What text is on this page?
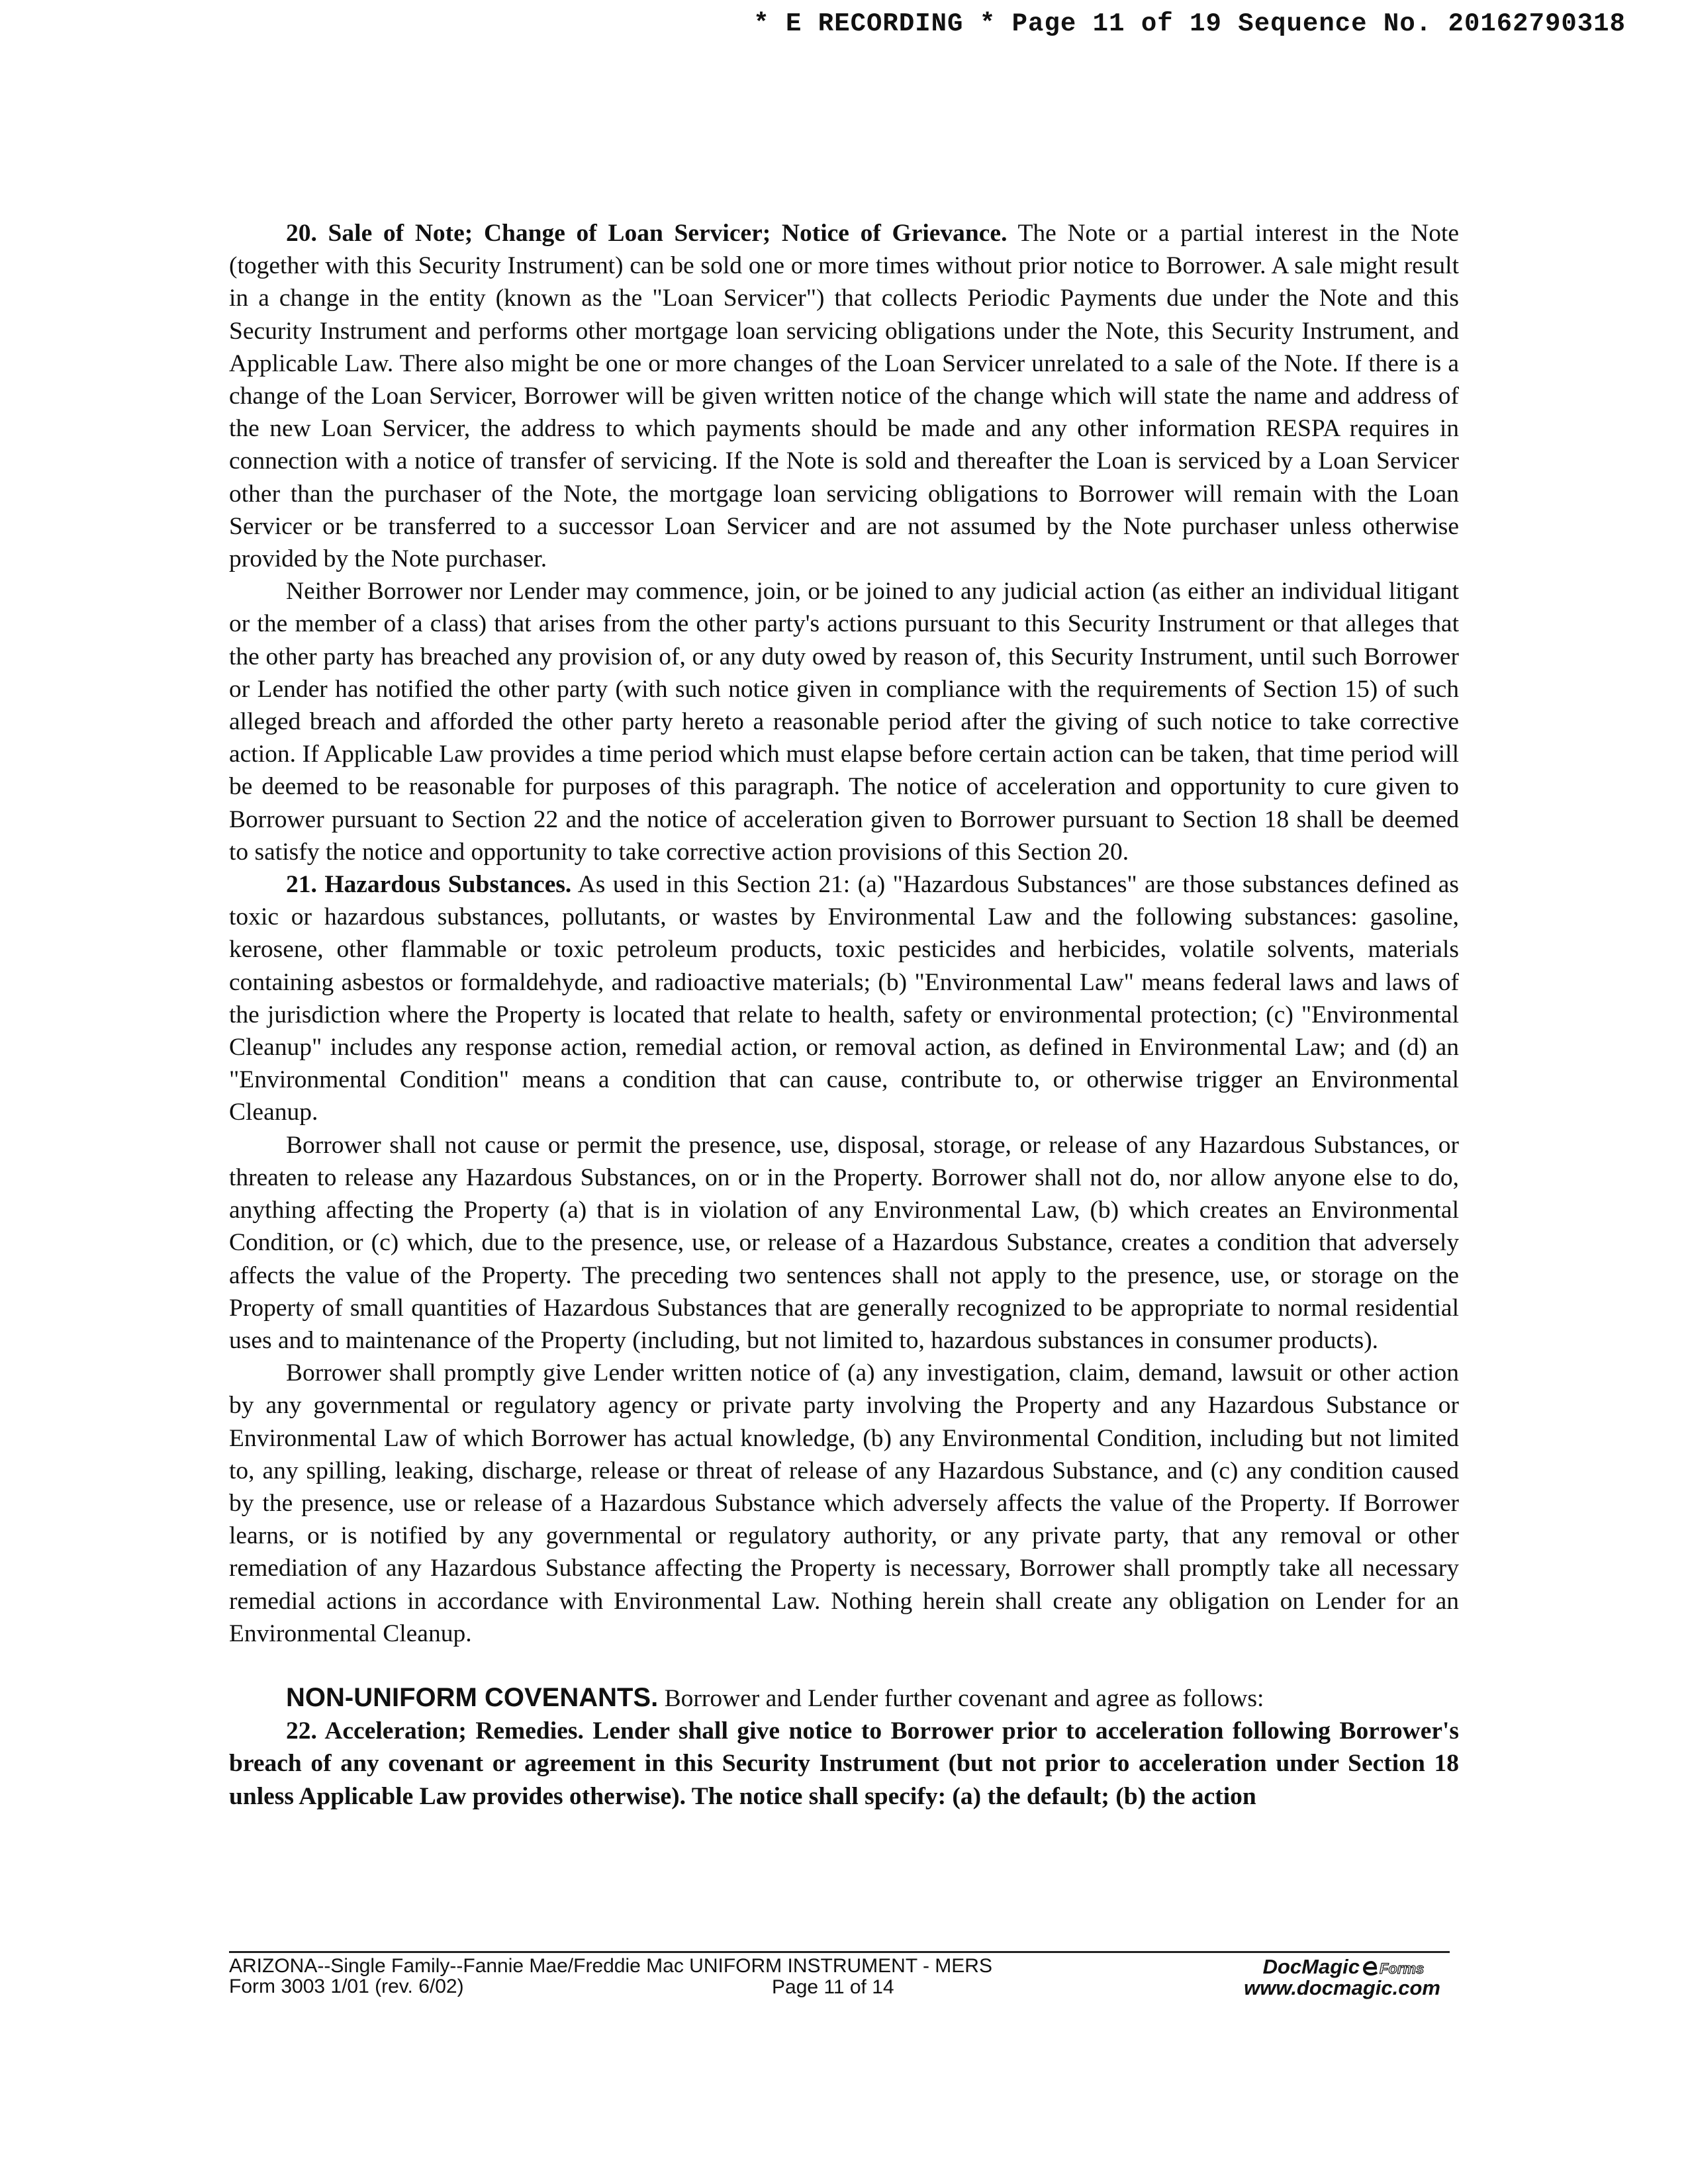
* E RECORDING * Page 11 of 19 Sequence No. 20162790318

20. Sale of Note; Change of Loan Servicer; Notice of Grievance. The Note or a partial interest in the Note (together with this Security Instrument) can be sold one or more times without prior notice to Borrower. A sale might result in a change in the entity (known as the "Loan Servicer") that collects Periodic Payments due under the Note and this Security Instrument and performs other mortgage loan servicing obligations under the Note, this Security Instrument, and Applicable Law. There also might be one or more changes of the Loan Servicer unrelated to a sale of the Note. If there is a change of the Loan Servicer, Borrower will be given written notice of the change which will state the name and address of the new Loan Servicer, the address to which payments should be made and any other information RESPA requires in connection with a notice of transfer of servicing. If the Note is sold and thereafter the Loan is serviced by a Loan Servicer other than the purchaser of the Note, the mortgage loan servicing obligations to Borrower will remain with the Loan Servicer or be transferred to a successor Loan Servicer and are not assumed by the Note purchaser unless otherwise provided by the Note purchaser.

Neither Borrower nor Lender may commence, join, or be joined to any judicial action (as either an individual litigant or the member of a class) that arises from the other party's actions pursuant to this Security Instrument or that alleges that the other party has breached any provision of, or any duty owed by reason of, this Security Instrument, until such Borrower or Lender has notified the other party (with such notice given in compliance with the requirements of Section 15) of such alleged breach and afforded the other party hereto a reasonable period after the giving of such notice to take corrective action. If Applicable Law provides a time period which must elapse before certain action can be taken, that time period will be deemed to be reasonable for purposes of this paragraph. The notice of acceleration and opportunity to cure given to Borrower pursuant to Section 22 and the notice of acceleration given to Borrower pursuant to Section 18 shall be deemed to satisfy the notice and opportunity to take corrective action provisions of this Section 20.

21. Hazardous Substances. As used in this Section 21: (a) "Hazardous Substances" are those substances defined as toxic or hazardous substances, pollutants, or wastes by Environmental Law and the following substances: gasoline, kerosene, other flammable or toxic petroleum products, toxic pesticides and herbicides, volatile solvents, materials containing asbestos or formaldehyde, and radioactive materials; (b) "Environmental Law" means federal laws and laws of the jurisdiction where the Property is located that relate to health, safety or environmental protection; (c) "Environmental Cleanup" includes any response action, remedial action, or removal action, as defined in Environmental Law; and (d) an "Environmental Condition" means a condition that can cause, contribute to, or otherwise trigger an Environmental Cleanup.

Borrower shall not cause or permit the presence, use, disposal, storage, or release of any Hazardous Substances, or threaten to release any Hazardous Substances, on or in the Property. Borrower shall not do, nor allow anyone else to do, anything affecting the Property (a) that is in violation of any Environmental Law, (b) which creates an Environmental Condition, or (c) which, due to the presence, use, or release of a Hazardous Substance, creates a condition that adversely affects the value of the Property. The preceding two sentences shall not apply to the presence, use, or storage on the Property of small quantities of Hazardous Substances that are generally recognized to be appropriate to normal residential uses and to maintenance of the Property (including, but not limited to, hazardous substances in consumer products).

Borrower shall promptly give Lender written notice of (a) any investigation, claim, demand, lawsuit or other action by any governmental or regulatory agency or private party involving the Property and any Hazardous Substance or Environmental Law of which Borrower has actual knowledge, (b) any Environmental Condition, including but not limited to, any spilling, leaking, discharge, release or threat of release of any Hazardous Substance, and (c) any condition caused by the presence, use or release of a Hazardous Substance which adversely affects the value of the Property. If Borrower learns, or is notified by any governmental or regulatory authority, or any private party, that any removal or other remediation of any Hazardous Substance affecting the Property is necessary, Borrower shall promptly take all necessary remedial actions in accordance with Environmental Law. Nothing herein shall create any obligation on Lender for an Environmental Cleanup.

NON-UNIFORM COVENANTS. Borrower and Lender further covenant and agree as follows:

22. Acceleration; Remedies. Lender shall give notice to Borrower prior to acceleration following Borrower's breach of any covenant or agreement in this Security Instrument (but not prior to acceleration under Section 18 unless Applicable Law provides otherwise). The notice shall specify: (a) the default; (b) the action

ARIZONA--Single Family--Fannie Mae/Freddie Mac UNIFORM INSTRUMENT - MERS
Form 3003 1/01 (rev. 6/02)	Page 11 of 14
DocMagic Forms
www.docmagic.com
